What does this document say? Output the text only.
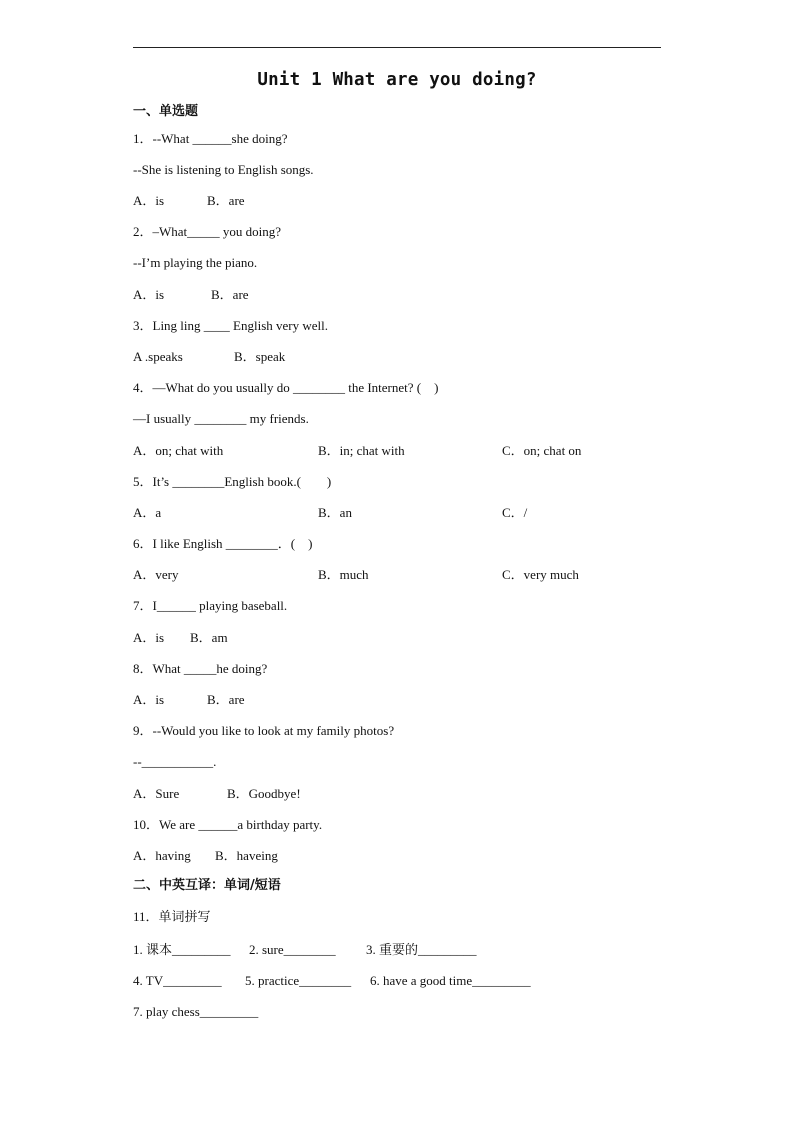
Unit 1 What are you doing?
一、单选题
1．--What ______she doing?
--She is listening to English songs.
A．is	B．are
2．–What_____ you doing?
--I’m playing the piano.
A．is	B．are
3．Ling ling ____ English very well.
A .speaks	B．speak
4．—What do you usually do ________ the Internet? (　)
—I usually ________ my friends.
A．on; chat with	B．in; chat with	C．on; chat on
5．It’s ________English book.(　　)
A．a	B．an	C．/
6．I like English ________．(　)
A．very	B．much	C．very much
7．I______ playing baseball.
A．is B．am
8．What _____he doing?
A．is	B．are
9．--Would you like to look at my family photos?
--___________.
A．Sure	B．Goodbye!
10．We are ______a birthday party.
A．having B．haveing
二、中英互译：单词/短语
11．单词拼写
1. 课本_________ 2. sure________ 3. 重要的_________
4. TV_________ 5. practice________ 6. have a good time_________
7. play chess_________
